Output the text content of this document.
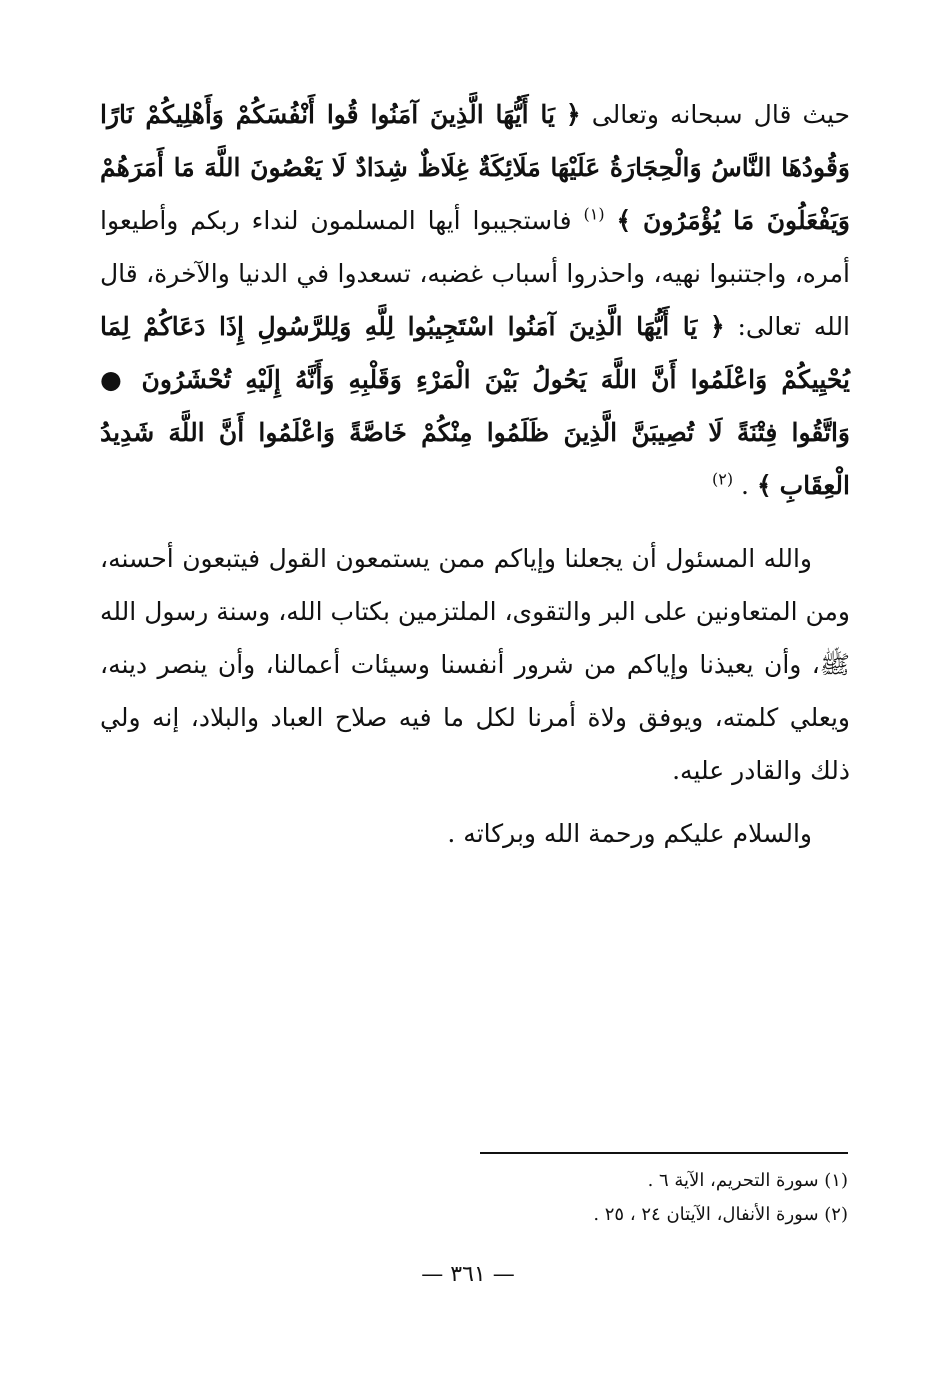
حيث قال سبحانه وتعالى ﴿ يَا أَيُّهَا الَّذِينَ آمَنُوا قُوا أَنْفُسَكُمْ وَأَهْلِيكُمْ نَارًا وَقُودُهَا النَّاسُ وَالْحِجَارَةُ عَلَيْهَا مَلَائِكَةٌ غِلَاظٌ شِدَادٌ لَا يَعْصُونَ اللَّهَ مَا أَمَرَهُمْ وَيَفْعَلُونَ مَا يُؤْمَرُونَ ﴾ $^{(١)}$ فاستجيبوا أيها المسلمون لنداء ربكم وأطيعوا أمره، واجتنبوا نهيه، واحذروا أسباب غضبه، تسعدوا في الدنيا والآخرة، قال الله تعالى: ﴿ يَا أَيُّهَا الَّذِينَ آمَنُوا اسْتَجِيبُوا لِلَّهِ وَلِلرَّسُولِ إِذَا دَعَاكُمْ لِمَا يُحْيِيكُمْ وَاعْلَمُوا أَنَّ اللَّهَ يَحُولُ بَيْنَ الْمَرْءِ وَقَلْبِهِ وَأَنَّهُ إِلَيْهِ تُحْشَرُونَ ● وَاتَّقُوا فِتْنَةً لَا تُصِيبَنَّ الَّذِينَ ظَلَمُوا مِنْكُمْ خَاصَّةً وَاعْلَمُوا أَنَّ اللَّهَ شَدِيدُ الْعِقَابِ ﴾ . $^{(٢)}$

والله المسئول أن يجعلنا وإياكم ممن يستمعون القول فيتبعون أحسنه، ومن المتعاونين على البر والتقوى، الملتزمين بكتاب الله، وسنة رسول الله ﷺ، وأن يعيذنا وإياكم من شرور أنفسنا وسيئات أعمالنا، وأن ينصر دينه، ويعلي كلمته، ويوفق ولاة أمرنا لكل ما فيه صلاح العباد والبلاد، إنه ولي ذلك والقادر عليه.

والسلام عليكم ورحمة الله وبركاته .

(١) سورة التحريم، الآية ٦ .

(٢) سورة الأنفال، الآيتان ٢٤ ، ٢٥ .

— ٣٦١ —
